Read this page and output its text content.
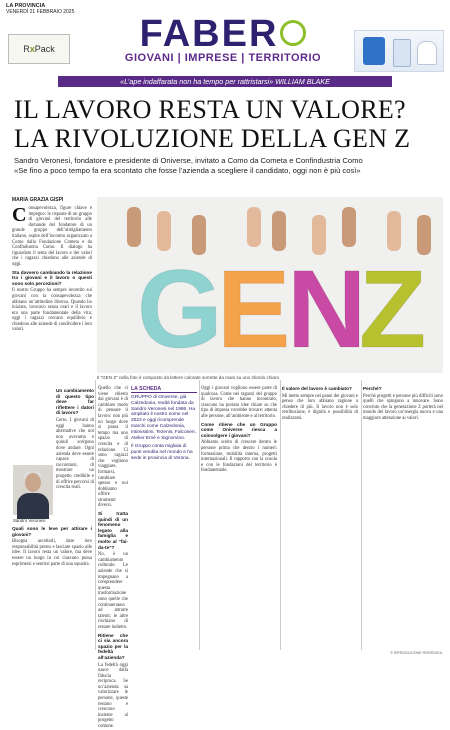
LA PROVINCIA
VENERDÌ 21 FEBBRAIO 2025
RxPack	FABER
GIOVANI | IMPRESE | TERRITORIO
«L’ape indaffarata non ha tempo per rattristarsi» WILLIAM BLAKE
IL LAVORO RESTA UN VALORE?
LA RIVOLUZIONE DELLA GEN Z
Sandro Veronesi, fondatore e presidente di Oniverse, invitato a Como da Cometa e Confindustria Como
«Se fino a poco tempo fa era scontato che fosse l’azienda a scegliere il candidato, oggi non è più così»
MARIA GRAZIA GISPI

Consapevolezza, figure chiave e impegno: le risposte di un gruppo di giovani del territorio alle domande del fondatore di un grande gruppo dell’abbigliamento italiano, ospite dell’incontro organizzato a Como dalla Fondazione Cometa e da Confindustria Como. Il dialogo ha riguardato il tema del lavoro e dei valori che i ragazzi chiedono alle aziende di oggi.

Sta davvero cambiando la relazione tra i giovani e il lavoro o questi sono solo percezioni?

Il nostro Gruppo ha sempre investito sui giovani con la consapevolezza che abbiano un’attitudine diversa. Quando ho iniziato, lavoravo senza orari e il lavoro era una parte fondamentale della vita; oggi i ragazzi cercano equilibrio e chiedono alle aziende di condividere i loro valori.

Un cambiamento di questo tipo deve far riflettere i datori di lavoro?

Certo. I giovani di oggi hanno alternative che noi non avevamo e quindi scelgono dove andare. Ogni azienda deve essere capace di raccontarsi, di mostrare un progetto credibile e di offrire percorsi di crescita reali.

Sandro Veronesi

Quali sono le leve per attirare i giovani?

Bisogna ascoltarli, dare loro responsabilità presto e lasciare spazio alle idee. Il lavoro resta un valore, ma deve essere un luogo in cui ciascuno possa esprimersi e sentirsi parte di una squadra.

G
E
N
Z
Il “GEN Z” nella foto è composto da lettere colorate sorrette da mani su uno sfondo chiaro

Quello che ci viene chiesto dai giovani è di cambiare modo di pensare il lavoro: non più un luogo dove si passa il tempo ma uno spazio di crescita e di relazione. Ci sono ragazzi che vogliono viaggiare, formarsi, cambiare spesso e noi dobbiamo offrire strumenti diversi.

Si tratta quindi di un fenomeno legato alla famiglia e molto al “fai-da-te”?

No, è un cambiamento culturale. Le aziende che si impegnano a comprendere questa trasformazione sono quelle che continueranno ad attrarre talenti; le altre rischiano di restare indietro.

Ritiene che ci sia ancora spazio per la fedeltà all’azienda?

La fedeltà oggi nasce dalla fiducia reciproca. Se un’azienda sa valorizzare le persone, queste restano e crescono insieme al progetto comune.

LA SCHEDA

GRUPPO di Oniverse, già Calzedonia, realtà fondata da Sandro Veronesi nel 1986. Ha ampliato il nostro nome nel 2023 e oggi ricomprende marchi come Calzedonia, Intimissimi, Tezenis, Falconeri, Atelier Emé e Signorvino.

Il Gruppo conta migliaia di punti vendita nel mondo e ha sede in provincia di Verona.

Oggi i giovani vogliono essere parte di qualcosa. Come nei ragazzi del gruppo di lavoro che hanno incontrato, ciascuno ha portato idee chiare su che tipo di impresa vorrebbe trovare: attenta alle persone, all’ambiente e al territorio.

Come ritiene che un Gruppo come Oniverse riesca a coinvolgere i giovani?

Abbiamo scelto di crescere dentro le persone prima che dentro i numeri: formazione, mobilità interna, progetti internazionali. Il rapporto con la scuola e con le fondazioni del territorio è fondamentale.

Il valore del lavoro è cambiato?

Mi metto sempre nei panni dei giovani e penso che loro abbiano ragione a chiedere di più. Il lavoro non è solo retribuzione, è dignità e possibilità di realizzarsi.

Perché?

Perché progetti e persone più difficili sono quelli che spingono a innovare. Sono convinto che la generazione Z porterà nel mondo del lavoro un’energia nuova e una maggiore attenzione ai valori.

© RIPRODUZIONE RISERVATA
